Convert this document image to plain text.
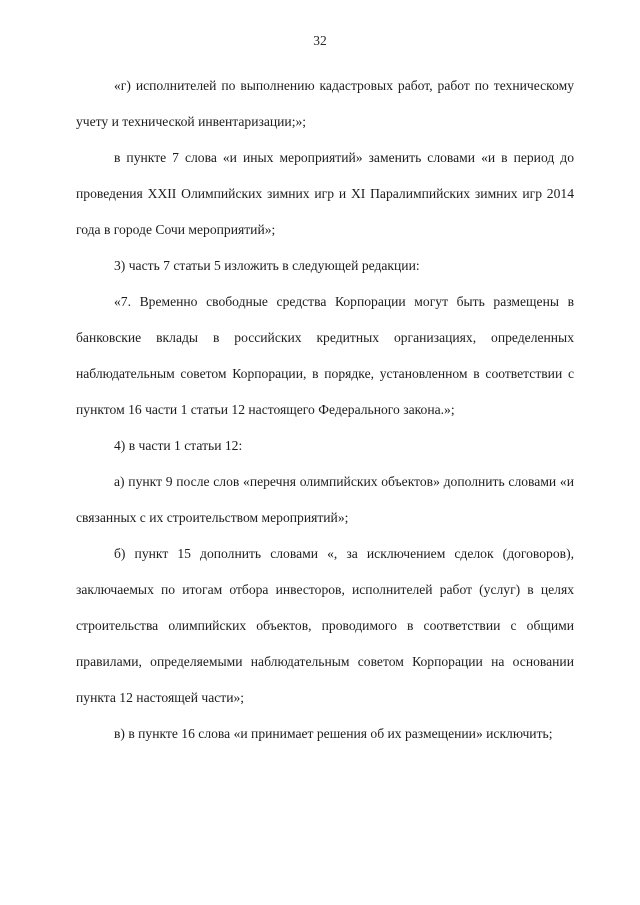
32

«г) исполнителей по выполнению кадастровых работ, работ по техническому учету и технической инвентаризации;»;

в пункте 7 слова «и иных мероприятий» заменить словами «и в период до проведения XXII Олимпийских зимних игр и XI Паралимпийских зимних игр 2014 года в городе Сочи мероприятий»;

3) часть 7 статьи 5 изложить в следующей редакции:

«7. Временно свободные средства Корпорации могут быть размещены в банковские вклады в российских кредитных организациях, определенных наблюдательным советом Корпорации, в порядке, установленном в соответствии с пунктом 16 части 1 статьи 12 настоящего Федерального закона.»;

4) в части 1 статьи 12:

а) пункт 9 после слов «перечня олимпийских объектов» дополнить словами «и связанных с их строительством мероприятий»;

б) пункт 15 дополнить словами «, за исключением сделок (договоров), заключаемых по итогам отбора инвесторов, исполнителей работ (услуг) в целях строительства олимпийских объектов, проводимого в соответствии с общими правилами, определяемыми наблюдательным советом Корпорации на основании пункта 12 настоящей части»;

в) в пункте 16 слова «и принимает решения об их размещении» исключить;
